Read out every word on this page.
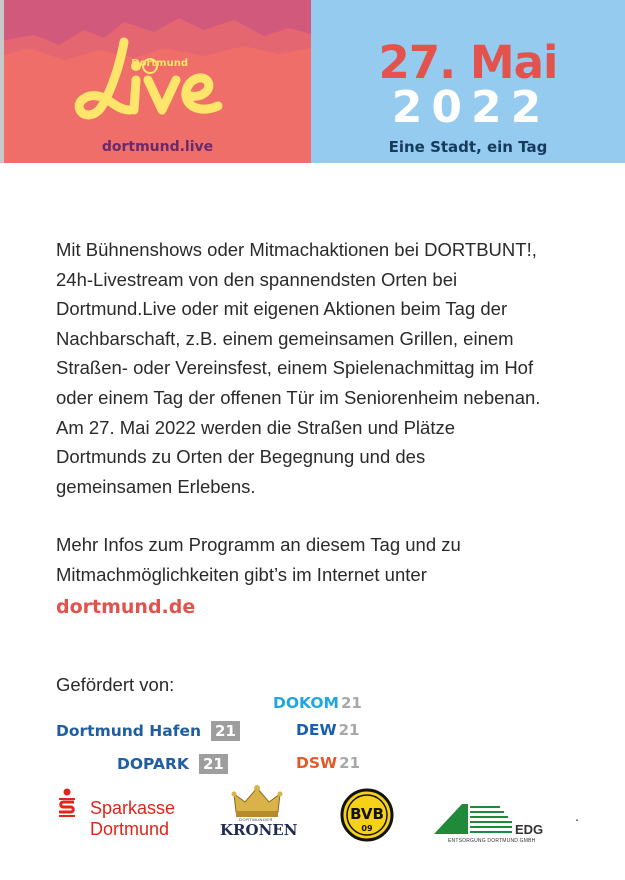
Dortmund
dortmund.live
27. Mai
2022
Eine Stadt, ein Tag

Mit Bühnenshows oder Mitmachaktionen bei DORTBUNT!, 24h-Livestream von den spannendsten Orten bei Dortmund.Live oder mit eigenen Aktionen beim Tag der Nachbarschaft, z.B. einem gemeinsamen Grillen, einem Straßen- oder Vereinsfest, einem Spielenachmittag im Hof oder einem Tag der offenen Tür im Seniorenheim nebenan. Am 27. Mai 2022 werden die Straßen und Plätze Dortmunds zu Orten der Begegnung und des gemeinsamen Erlebens.

Mehr Infos zum Programm an diesem Tag und zu Mitmachmöglichkeiten gibt’s im Internet unter

dortmund.de
Gefördert von:
DOKOM 21
Dortmund Hafen 21	DEW 21
DOPARK 21	DSW 21
Sparkasse
Dortmund	DORTMUNDER
KRONEN
BVB
09	EDG
ENTSORGUNG DORTMUND GMBH
.
